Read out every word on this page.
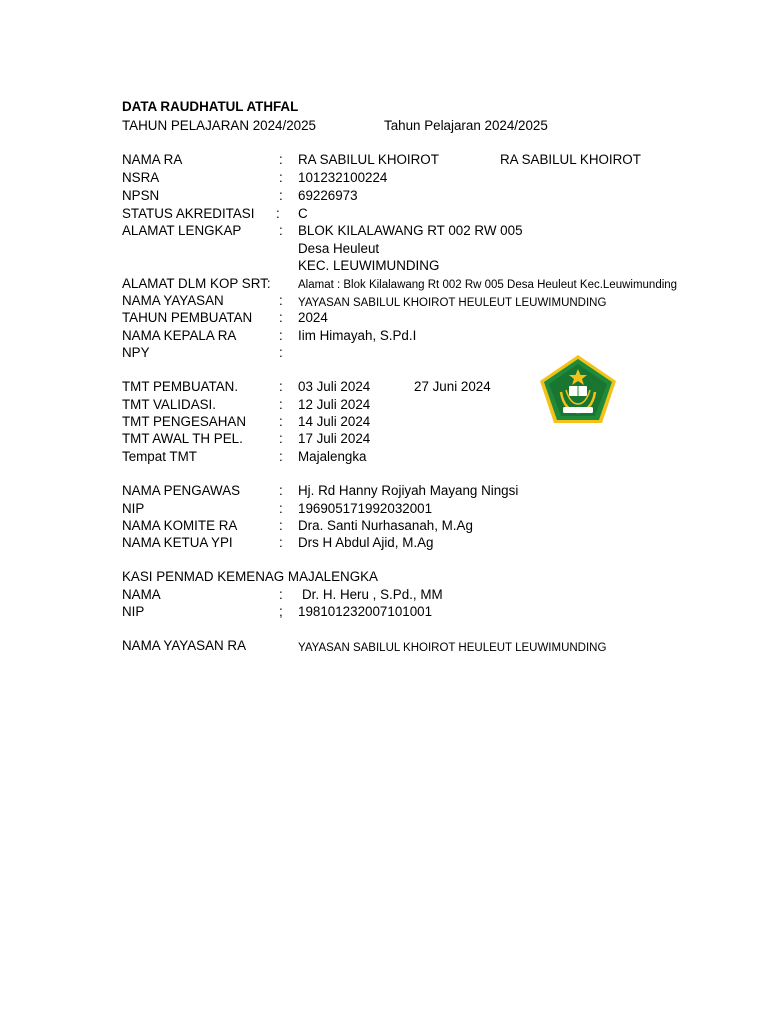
DATA RAUDHATUL ATHFAL
TAHUN PELAJARAN 2024/2025	Tahun Pelajaran 2024/2025
NAMA RA	: RA SABILUL KHOIROT	RA SABILUL KHOIROT
NSRA	: 101232100224
NPSN	: 69226973
STATUS AKREDITASI : C
ALAMAT LENGKAP	: BLOK KILALAWANG RT 002 RW 005
Desa Heuleut
KEC. LEUWIMUNDING
ALAMAT DLM KOP SRT: Alamat : Blok Kilalawang Rt 002 Rw 005 Desa Heuleut Kec.Leuwimunding
NAMA YAYASAN	: YAYASAN SABILUL KHOIROT HEULEUT LEUWIMUNDING
TAHUN PEMBUATAN : 2024
NAMA KEPALA RA	: Iim Himayah, S.Pd.I
NPY	:
TMT PEMBUATAN.	: 03 Juli 2024	27 Juni 2024
TMT VALIDASI.	: 12 Juli 2024
TMT PENGESAHAN : 14 Juli 2024
TMT AWAL TH PEL.	: 17 Juli 2024
Tempat TMT	: Majalengka
NAMA PENGAWAS	: Hj. Rd Hanny Rojiyah Mayang Ningsi
NIP	: 196905171992032001
NAMA KOMITE RA	: Dra. Santi Nurhasanah, M.Ag
NAMA KETUA YPI	: Drs H Abdul Ajid, M.Ag
KASI PENMAD KEMENAG MAJALENGKA
NAMA	: Dr. H. Heru , S.Pd., MM
NIP	; 198101232007101001
NAMA YAYASAN RA	YAYASAN SABILUL KHOIROT HEULEUT LEUWIMUNDING
